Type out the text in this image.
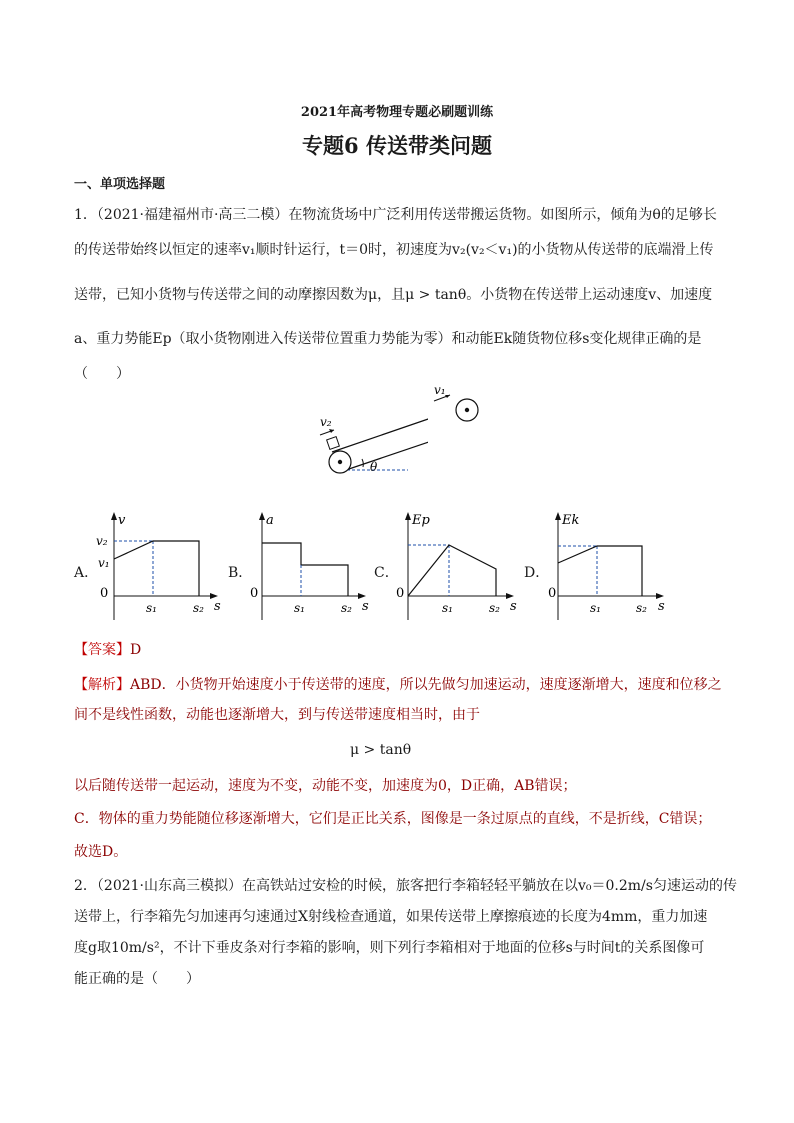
2021年高考物理专题必刷题训练
专题6 传送带类问题
一、单项选择题
1．（2021·福建福州市·高三二模）在物流货场中广泛利用传送带搬运货物。如图所示，倾角为θ的足够长
的传送带始终以恒定的速率v₁顺时针运行，t＝0时，初速度为v₂(v₂＜v₁)的小货物从传送带的底端滑上传
送带，已知小货物与传送带之间的动摩擦因数为μ，且μ > tanθ。小货物在传送带上运动速度v、加速度
a、重力势能Ep（取小货物刚进入传送带位置重力势能为零）和动能Ek随货物位移s变化规律正确的是
（　　）
v₂
θ
v₁
A．
v
v₂
v₁
0
s₁	s₂ s
B．
a
0
s₁	s₂ s
C．
Ep
0
s₁	s₂ s
D．
Ek
0
s₁	s₂ s
【答案】D
【解析】ABD．小货物开始速度小于传送带的速度，所以先做匀加速运动，速度逐渐增大，速度和位移之
间不是线性函数，动能也逐渐增大，到与传送带速度相当时，由于
μ > tanθ
以后随传送带一起运动，速度为不变，动能不变，加速度为0，D正确，AB错误；
C．物体的重力势能随位移逐渐增大，它们是正比关系，图像是一条过原点的直线，不是折线，C错误；
故选D。
2．（2021·山东高三模拟）在高铁站过安检的时候，旅客把行李箱轻轻平躺放在以v₀＝0.2m/s匀速运动的传
送带上，行李箱先匀加速再匀速通过X射线检查通道，如果传送带上摩擦痕迹的长度为4mm，重力加速
度g取10m/s²，不计下垂皮条对行李箱的影响，则下列行李箱相对于地面的位移s与时间t的关系图像可
能正确的是（　　）
